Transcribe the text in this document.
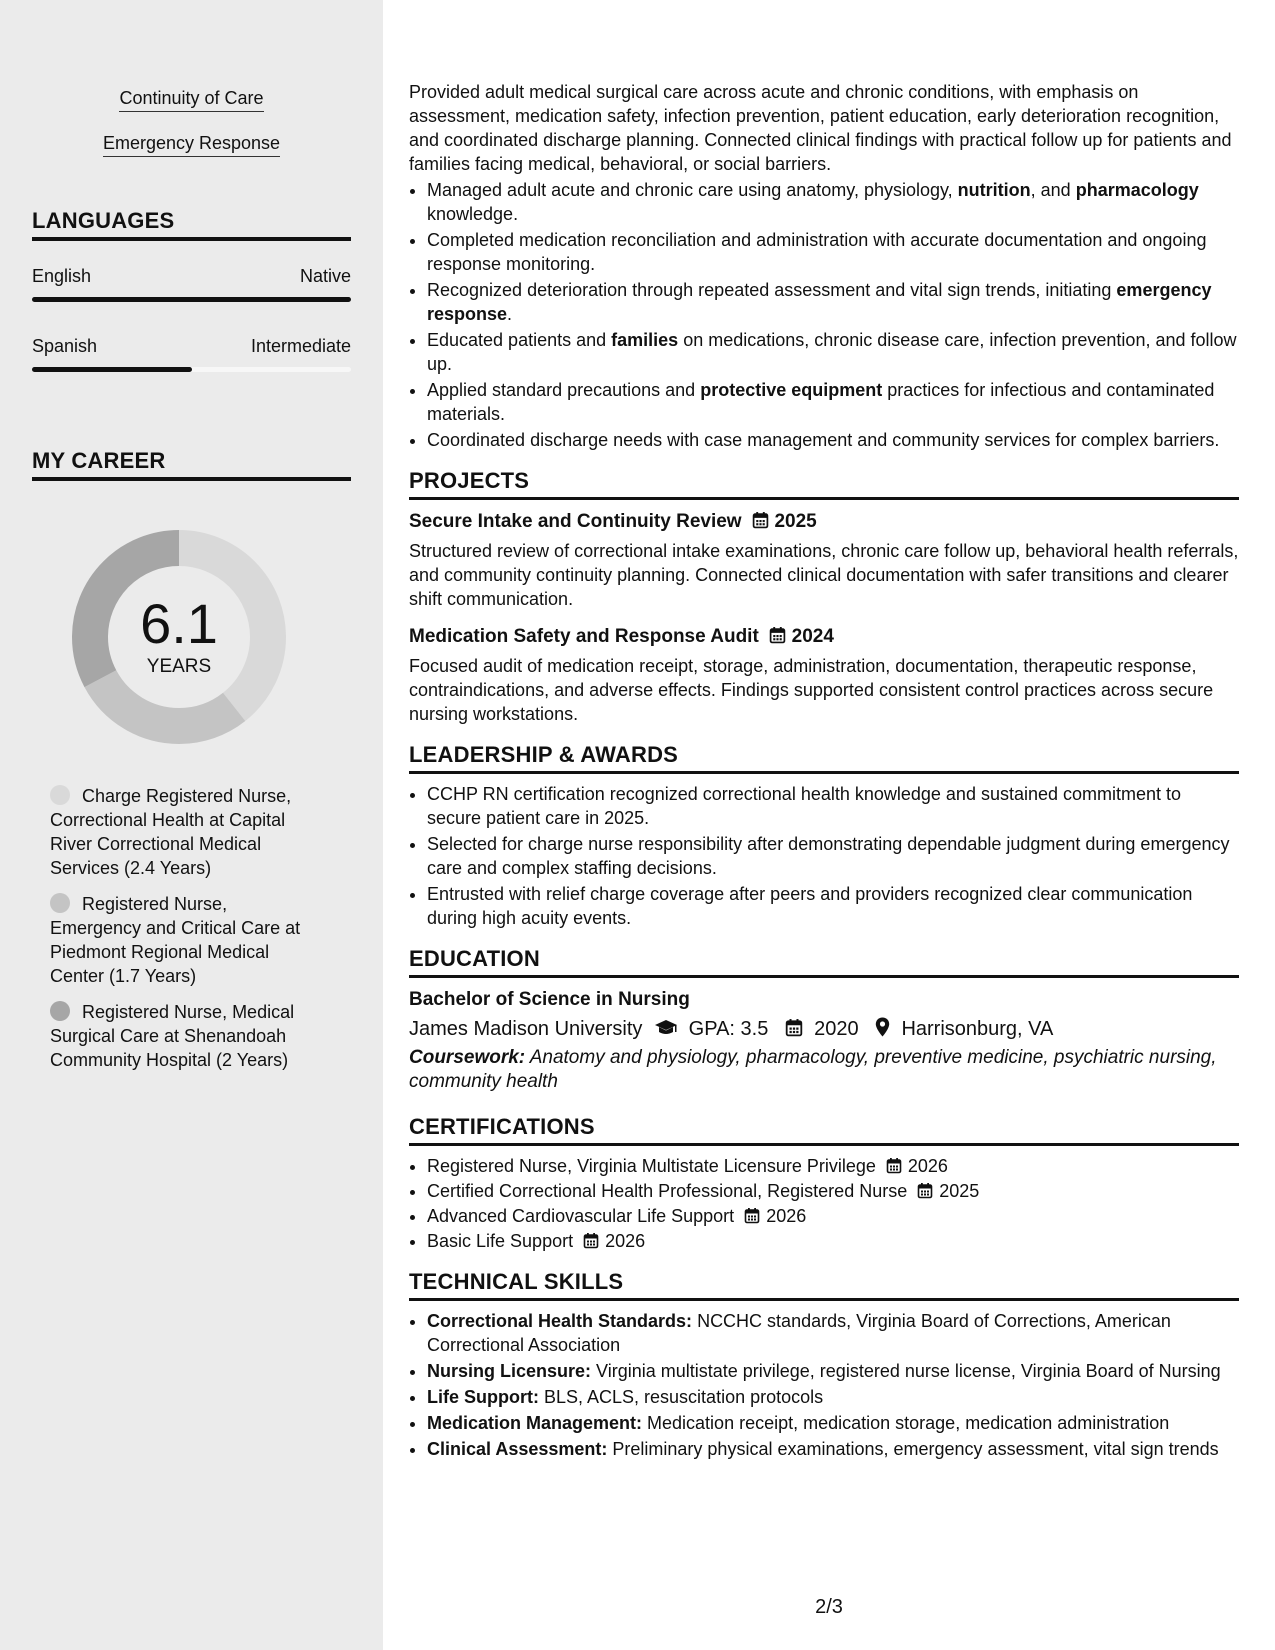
Continuity of Care
Emergency Response
LANGUAGES
English	Native
Spanish	Intermediate
MY CAREER
6.1
YEARS
Charge Registered Nurse, Correctional Health at Capital River Correctional Medical Services (2.4 Years)
Registered Nurse, Emergency and Critical Care at Piedmont Regional Medical Center (1.7 Years)
Registered Nurse, Medical Surgical Care at Shenandoah Community Hospital (2 Years)

Provided adult medical surgical care across acute and chronic conditions, with emphasis on assessment, medication safety, infection prevention, patient education, early deterioration recognition, and coordinated discharge planning. Connected clinical findings with practical follow up for patients and families facing medical, behavioral, or social barriers.

• Managed adult acute and chronic care using anatomy, physiology, nutrition, and pharmacology knowledge.
• Completed medication reconciliation and administration with accurate documentation and ongoing response monitoring.
• Recognized deterioration through repeated assessment and vital sign trends, initiating emergency response.
• Educated patients and families on medications, chronic disease care, infection prevention, and follow up.
• Applied standard precautions and protective equipment practices for infectious and contaminated materials.
• Coordinated discharge needs with case management and community services for complex barriers.
PROJECTS

Secure Intake and Continuity Review 2025

Structured review of correctional intake examinations, chronic care follow up, behavioral health referrals, and community continuity planning. Connected clinical documentation with safer transitions and clearer shift communication.

Medication Safety and Response Audit 2024

Focused audit of medication receipt, storage, administration, documentation, therapeutic response, contraindications, and adverse effects. Findings supported consistent control practices across secure nursing workstations.

LEADERSHIP & AWARDS
• CCHP RN certification recognized correctional health knowledge and sustained commitment to secure patient care in 2025.
• Selected for charge nurse responsibility after demonstrating dependable judgment during emergency care and complex staffing decisions.
• Entrusted with relief charge coverage after peers and providers recognized clear communication during high acuity events.
EDUCATION

Bachelor of Science in Nursing

James Madison University GPA: 3.5 2020 Harrisonburg, VA

Coursework: Anatomy and physiology, pharmacology, preventive medicine, psychiatric nursing, community health

CERTIFICATIONS
• Registered Nurse, Virginia Multistate Licensure Privilege 2026
• Certified Correctional Health Professional, Registered Nurse 2025
• Advanced Cardiovascular Life Support 2026
• Basic Life Support 2026
TECHNICAL SKILLS
• Correctional Health Standards: NCCHC standards, Virginia Board of Corrections, American Correctional Association
• Nursing Licensure: Virginia multistate privilege, registered nurse license, Virginia Board of Nursing
• Life Support: BLS, ACLS, resuscitation protocols
• Medication Management: Medication receipt, medication storage, medication administration
• Clinical Assessment: Preliminary physical examinations, emergency assessment, vital sign trends
2/3
